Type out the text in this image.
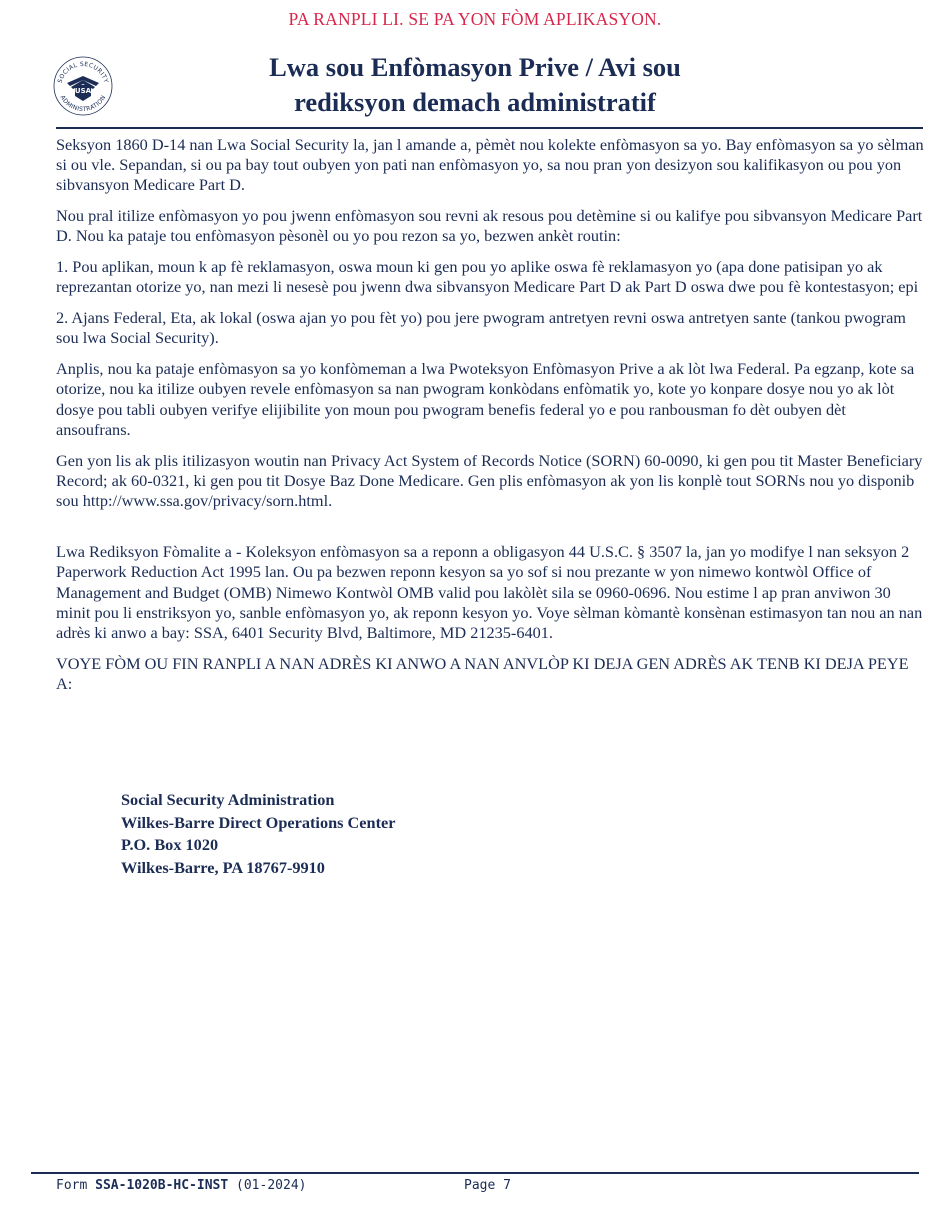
PA RANPLI LI. SE PA YON FÒM APLIKASYON.
SOCIAL SECURITY
ADMINISTRATION
USA
Lwa sou Enfòmasyon Prive / Avi sou
rediksyon demach administratif

Seksyon 1860 D-14 nan Lwa Social Security la, jan l amande a, pèmèt nou kolekte enfòmasyon sa yo. Bay enfòmasyon sa yo sèlman si ou vle. Sepandan, si ou pa bay tout oubyen yon pati nan enfòmasyon yo, sa nou pran yon desizyon sou kalifikasyon ou pou yon sibvansyon Medicare Part D.

Nou pral itilize enfòmasyon yo pou jwenn enfòmasyon sou revni ak resous pou detèmine si ou kalifye pou sibvansyon Medicare Part D. Nou ka pataje tou enfòmasyon pèsonèl ou yo pou rezon sa yo, bezwen ankèt routin:

1. Pou aplikan, moun k ap fè reklamasyon, oswa moun ki gen pou yo aplike oswa fè reklamasyon yo (apa done patisipan yo ak reprezantan otorize yo, nan mezi li nesesè pou jwenn dwa sibvansyon Medicare Part D ak Part D oswa dwe pou fè kontestasyon; epi

2. Ajans Federal, Eta, ak lokal (oswa ajan yo pou fèt yo) pou jere pwogram antretyen revni oswa antretyen sante (tankou pwogram sou lwa Social Security).

Anplis, nou ka pataje enfòmasyon sa yo konfòmeman a lwa Pwoteksyon Enfòmasyon Prive a ak lòt lwa Federal. Pa egzanp, kote sa otorize, nou ka itilize oubyen revele enfòmasyon sa nan pwogram konkòdans enfòmatik yo, kote yo konpare dosye nou yo ak lòt dosye pou tabli oubyen verifye elijibilite yon moun pou pwogram benefis federal yo e pou ranbousman fo dèt oubyen dèt ansoufrans.

Gen yon lis ak plis itilizasyon woutin nan Privacy Act System of Records Notice (SORN) 60-0090, ki gen pou tit Master Beneficiary Record; ak 60-0321, ki gen pou tit Dosye Baz Done Medicare. Gen plis enfòmasyon ak yon lis konplè tout SORNs nou yo disponib sou http://www.ssa.gov/privacy/sorn.html.

Lwa Rediksyon Fòmalite a - Koleksyon enfòmasyon sa a reponn a obligasyon 44 U.S.C. § 3507 la, jan yo modifye l nan seksyon 2 Paperwork Reduction Act 1995 lan. Ou pa bezwen reponn kesyon sa yo sof si nou prezante w yon nimewo kontwòl Office of Management and Budget (OMB) Nimewo Kontwòl OMB valid pou lakòlèt sila se 0960-0696. Nou estime l ap pran anviwon 30 minit pou li enstriksyon yo, sanble enfòmasyon yo, ak reponn kesyon yo. Voye sèlman kòmantè konsènan estimasyon tan nou an nan adrès ki anwo a bay: SSA, 6401 Security Blvd, Baltimore, MD 21235-6401.

VOYE FÒM OU FIN RANPLI A NAN ADRÈS KI ANWO A NAN ANVLÒP KI DEJA GEN ADRÈS AK TENB KI DEJA PEYE A:

Social Security Administration
Wilkes-Barre Direct Operations Center
P.O. Box 1020
Wilkes-Barre, PA 18767-9910
Form SSA-1020B-HC-INST (01-2024)	Page 7
